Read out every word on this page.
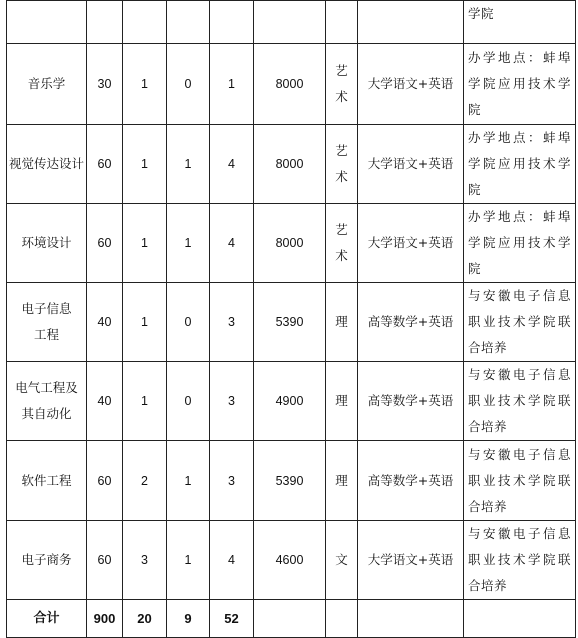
								学院
音乐学	30	1	0	1	8000	艺术	大学语文+英语	办学地点：蚌埠学院应用技术学院
视觉传达设计	60	1	1	4	8000	艺术	大学语文+英语	办学地点：蚌埠学院应用技术学院
环境设计	60	1	1	4	8000	艺术	大学语文+英语	办学地点：蚌埠学院应用技术学院
电子信息工程	40	1	0	3	5390	理	高等数学+英语	与安徽电子信息职业技术学院联合培养
电气工程及其自动化	40	1	0	3	4900	理	高等数学+英语	与安徽电子信息职业技术学院联合培养
软件工程	60	2	1	3	5390	理	高等数学+英语	与安徽电子信息职业技术学院联合培养
电子商务	60	3	1	4	4600	文	大学语文+英语	与安徽电子信息职业技术学院联合培养
合计	900	20	9	52				
